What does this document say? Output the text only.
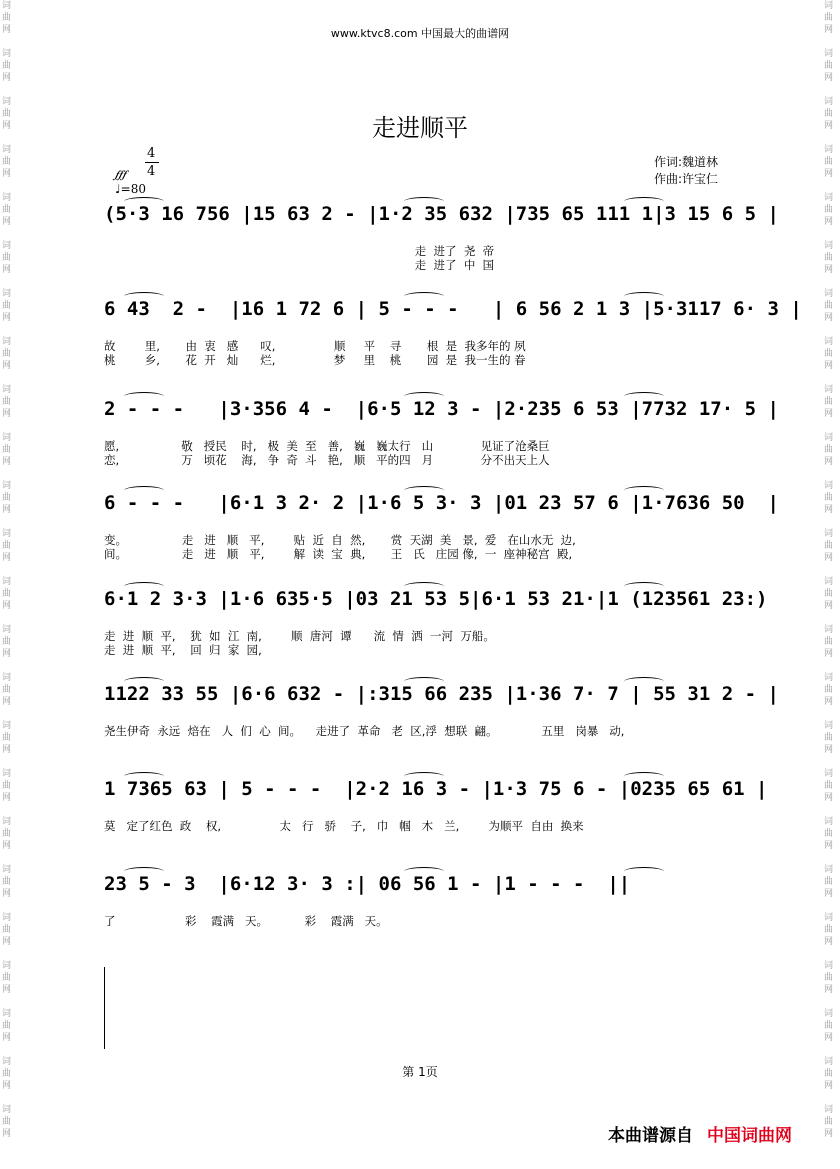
词
曲
网

词
曲
网

词
曲
网

词
曲
网

词
曲
网

词
曲
网

词
曲
网

词
曲
网

词
曲
网

词
曲
网

词
曲
网

词
曲
网

词
曲
网

词
曲
网

词
曲
网

词
曲
网

词
曲
网

词
曲
网

词
曲
网

词
曲
网

词
曲
网

词
曲
网

词
曲
网

词
曲
网

词
曲
网

词
曲
网

词
曲
网

词
曲
网

词
曲
网

词
曲
网

词
曲
网

词
曲
网

词
曲
网

词
曲
网

词
曲
网

词
曲
网

词
曲
网

词
曲
网

词
曲
网

词
曲
网

词
曲
网

词
曲
网

词
曲
网

词
曲
网

词
曲
网

词
曲
网

词
曲
网

词
曲
网

www.ktvc8.com 中国最大的曲谱网
走进顺平
作词:魏道林
作曲:许宝仁
4
4
𝆑𝆑𝆑
♩=80
(5·3 16 756 |15 63 2 - |1·2 35 632 |735 65 111 1|3 15 6 5 |
走  进了  尧  帝
走  进了  中  国
6 43  2 -  |16 1 72 6 | 5 - - -   | 6 56 2 1 3 |5·3117 6· 3 |
故        里,       由  衷   感      叹,                顺     平    寻       根  是  我多年的 夙
桃        乡,       花  开   灿      烂,                梦     里    桃       园  是  我一生的 眷
2 - - -   |3·356 4 -  |6·5 12 3 - |2·235 6 53 |7732 17· 5 |
愿,                 敬   授民    时,   极  美  至   善,   巍   巍太行   山             见证了沧桑巨
恋,                 万   顷花    海,   争  奇  斗   艳,   顺   平的四   月             分不出天上人
6 - - -   |6·1 3 2· 2 |1·6 5 3· 3 |01 23 57 6 |1·7636 50  |
变。               走   进   顺   平,        贴  近  自  然,       赏  天湖  美   景,  爱   在山水无  边,
间。               走   进   顺   平,        解  读  宝  典,       王   氏   庄园 像,  一  座神秘宫  殿,
6·1 2 3·3 |1·6 635·5 |03 21 53 5|6·1 53 21·|1 (123561 23:)
走  进  顺  平,    犹  如  江  南,        顺  唐河  谭      流  情  洒  一河  万船。
走  进  顺  平,    回  归  家  园,
1122 33 55 |6·6 632 - |:315 66 235 |1·36 7· 7 | 55 31 2 - |
尧生伊奇  永远  焙在   人  们  心  间。    走进了  革命   老  区,浮  想联  翩。            五里   岗暴   动,
1 7365 63 | 5 - - -  |2·2 16 3 - |1·3 75 6 - |0235 65 61 |
莫   定了红色  政    权,                太   行   骄    子,   巾   帼   木   兰,        为顺平  自由  换来
23 5 - 3  |6·12 3· 3 :| 06 56 1 - |1 - - -  ||
了                   彩    霞满   天。          彩    霞满   天。
第 1页
本曲谱源自 中国词曲网
